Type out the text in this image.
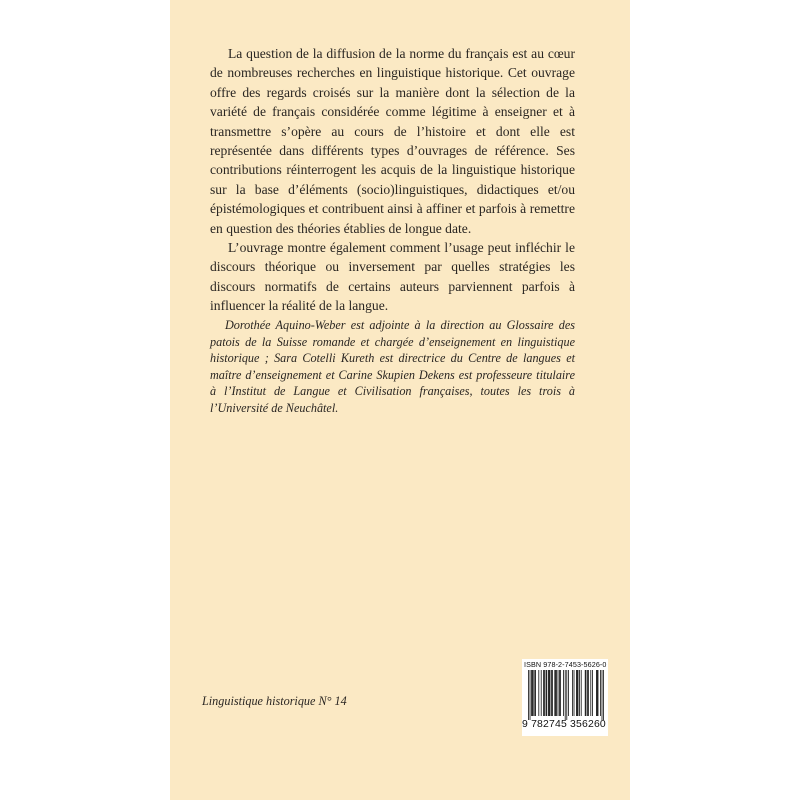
La question de la diffusion de la norme du français est au cœur de nombreuses recherches en linguistique historique. Cet ouvrage offre des regards croisés sur la manière dont la sélection de la variété de français considérée comme légitime à enseigner et à transmettre s’opère au cours de l’histoire et dont elle est représentée dans différents types d’ouvrages de référence. Ses contributions réinterrogent les acquis de la linguistique historique sur la base d’éléments (socio)linguistiques, didactiques et/ou épistémologiques et contribuent ainsi à affiner et parfois à remettre en question des théories établies de longue date.

L’ouvrage montre également comment l’usage peut infléchir le discours théorique ou inversement par quelles stratégies les discours normatifs de certains auteurs parviennent parfois à influencer la réalité de la langue.

Dorothée Aquino-Weber est adjointe à la direction au Glossaire des patois de la Suisse romande et chargée d’enseignement en linguistique historique ; Sara Cotelli Kureth est directrice du Centre de langues et maître d’enseignement et Carine Skupien Dekens est professeure titulaire à l’Institut de Langue et Civilisation françaises, toutes les trois à l’Université de Neuchâtel.

Linguistique historique N° 14
ISBN 978-2-7453-5626-0
9 782745 356260
